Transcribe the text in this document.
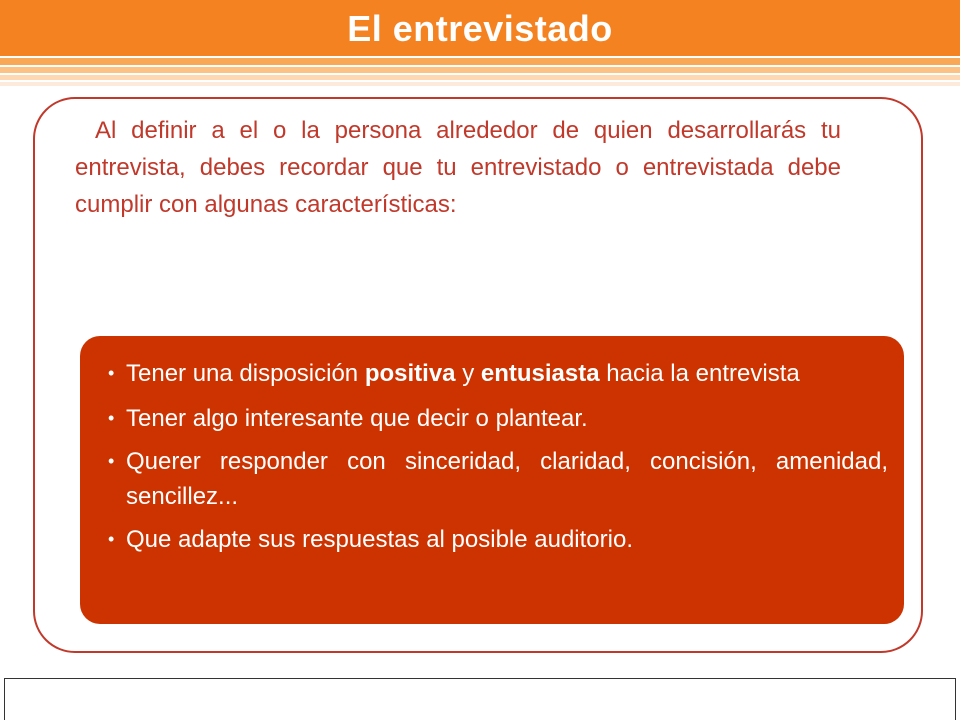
El entrevistado

Al definir a el o la persona alrededor de quien desarrollarás tu entrevista, debes recordar que tu entrevistado o entrevistada debe cumplir con algunas características:

• Tener una disposición positiva y entusiasta hacia la entrevista
• Tener algo interesante que decir o plantear.
• Querer responder con sinceridad, claridad, concisión, amenidad, sencillez...
• Que adapte sus respuestas al posible auditorio.
